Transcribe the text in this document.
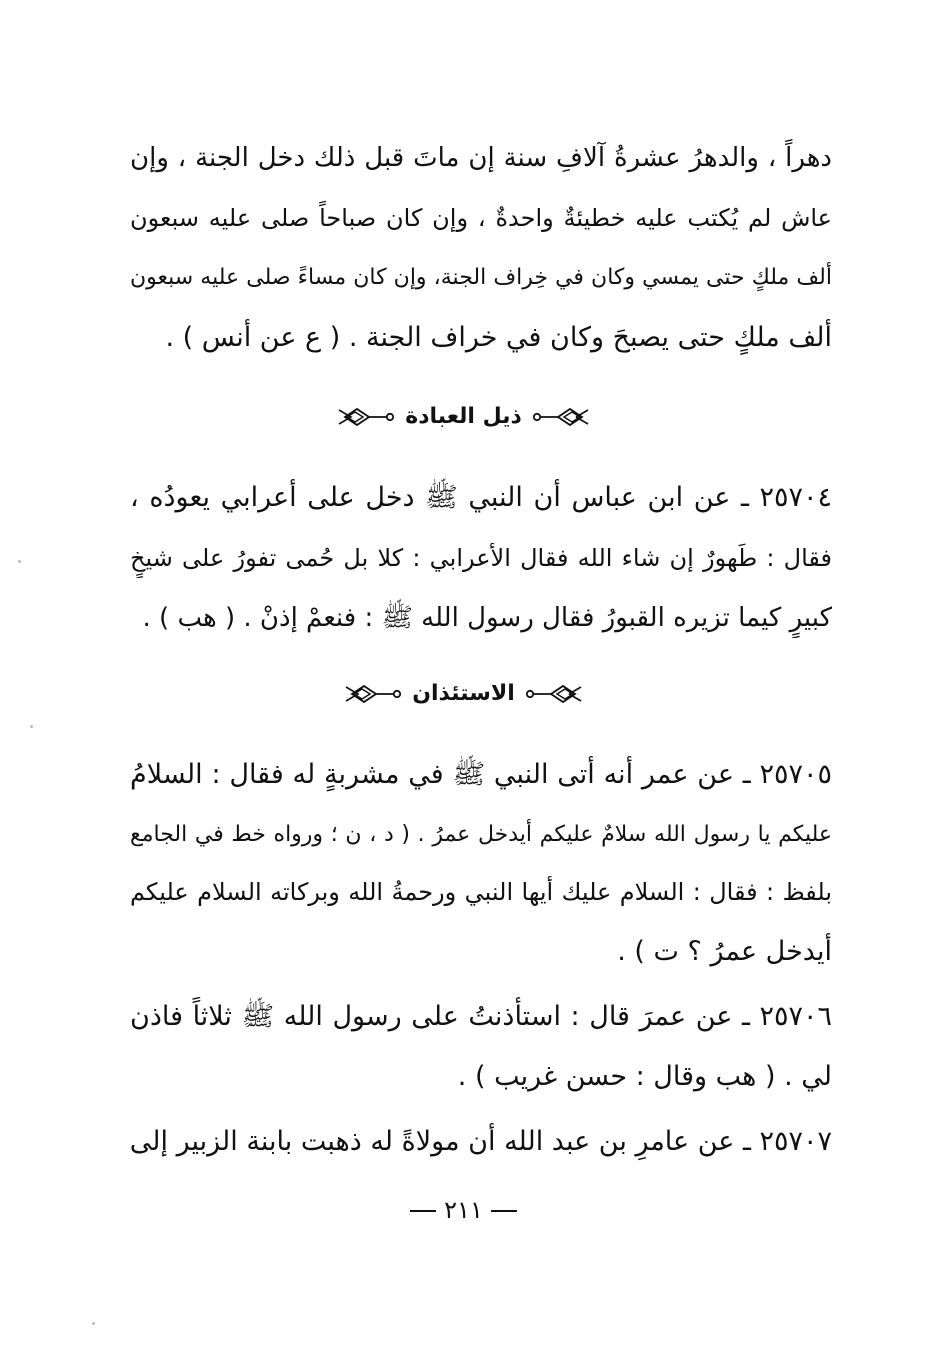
دهراً ، والدهرُ عشرةُ آلافِ سنة إن ماتَ قبل ذلك دخل الجنة ، وإن
عاش لم يُكتب عليه خطيئةٌ واحدةٌ ، وإن كان صباحاً صلى عليه سبعون
ألف ملكٍ حتى يمسي وكان في خِراف الجنة، وإن كان مساءً صلى عليه سبعون
ألف ملكٍ حتى يصبحَ وكان في خراف الجنة . ( ع عن أنس ) .
ذيل العبادة
٢٥٧٠٤ ـ عن ابن عباس أن النبي ﷺ دخل على أعرابي يعودُه ،
فقال : طَهورٌ إن شاء الله فقال الأعرابي : كلا بل حُمى تفورُ على شيخٍ
كبيرٍ كيما تزيره القبورُ فقال رسول الله ﷺ : فنعمْ إذنْ . ( هب ) .
الاستئذان
٢٥٧٠٥ ـ عن عمر أنه أتى النبي ﷺ في مشربةٍ له فقال : السلامُ
عليكم يا رسول الله سلامٌ عليكم أيدخل عمرُ . ( د ، ن ؛ ورواه خط في الجامع
بلفظ : فقال : السلام عليك أيها النبي ورحمةُ الله وبركاته السلام عليكم
أيدخل عمرُ ؟ ت ) .
٢٥٧٠٦ ـ عن عمرَ قال : استأذنتُ على رسول الله ﷺ ثلاثاً فاذن
لي . ( هب وقال : حسن غريب ) .
٢٥٧٠٧ ـ عن عامرِ بن عبد الله أن مولاةً له ذهبت بابنة الزبير إلى
٢١١
